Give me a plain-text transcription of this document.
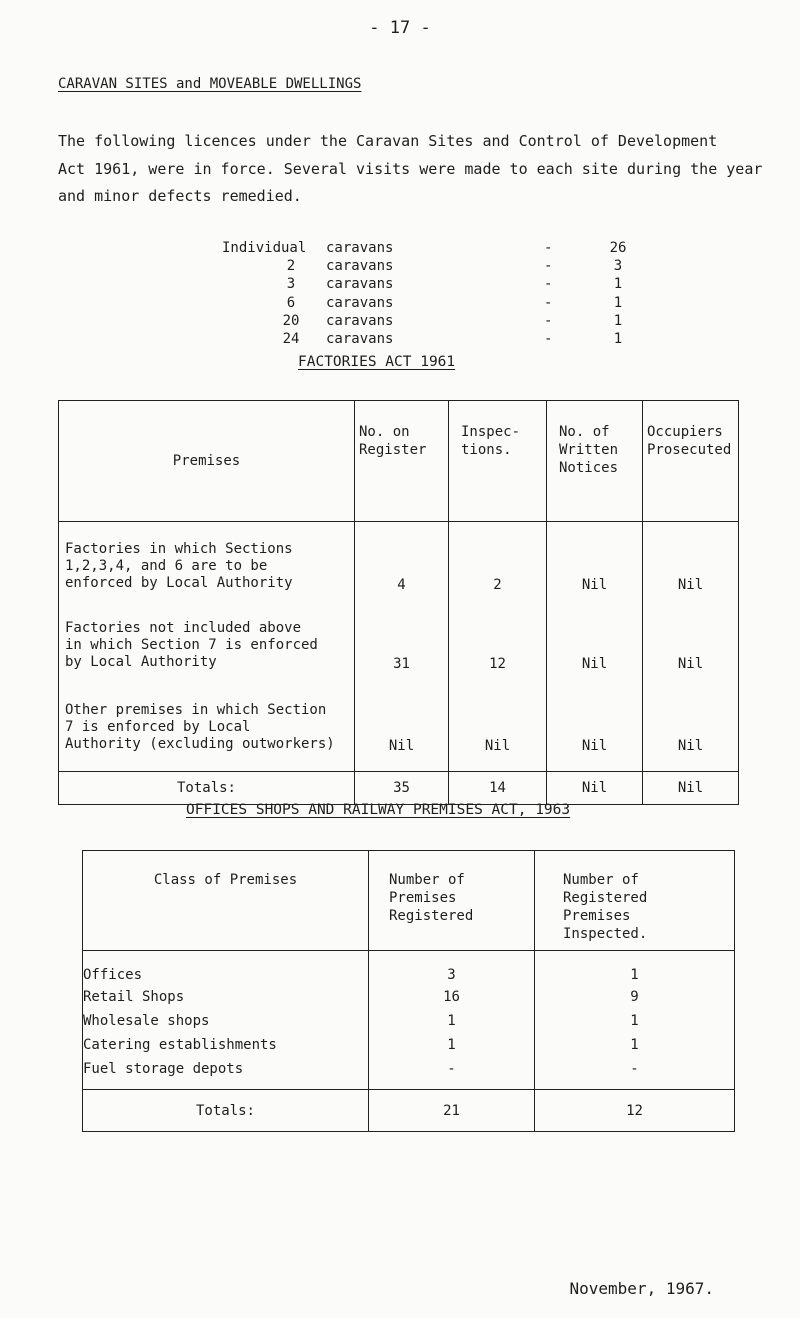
- 17 -
CARAVAN SITES and MOVEABLE DWELLINGS

The following licences under the Caravan Sites and Control of Development

Act 1961, were in force. Several visits were made to each site during the year

and minor defects remedied.

Individual caravans	-	26
2	caravans	-	3
3	caravans	-	1
6	caravans	-	1
20 caravans	-	1
24 caravans	-	1
FACTORIES ACT 1961
Premises	No. on Register	Inspec- tions.	No. of Written Notices	Occupiers Prosecuted

Factories in which Sections
1,2,3,4, and 6 are to be
enforced by Local Authority	4	2	Nil	Nil

Factories not included above
in which Section 7 is enforced
by Local Authority	31	12	Nil	Nil

Other premises in which Section
7 is enforced by Local
Authority (excluding outworkers)	Nil	Nil	Nil	Nil
Totals:	35	14	Nil	Nil
OFFICES SHOPS AND RAILWAY PREMISES ACT, 1963
Class of Premises	Number of Premises Registered	Number of Registered Premises Inspected.

Offices	3	1
Retail Shops	16	9
Wholesale shops	1	1
Catering establishments	1	1
Fuel storage depots	-	-
Totals:	21	12
November, 1967.
